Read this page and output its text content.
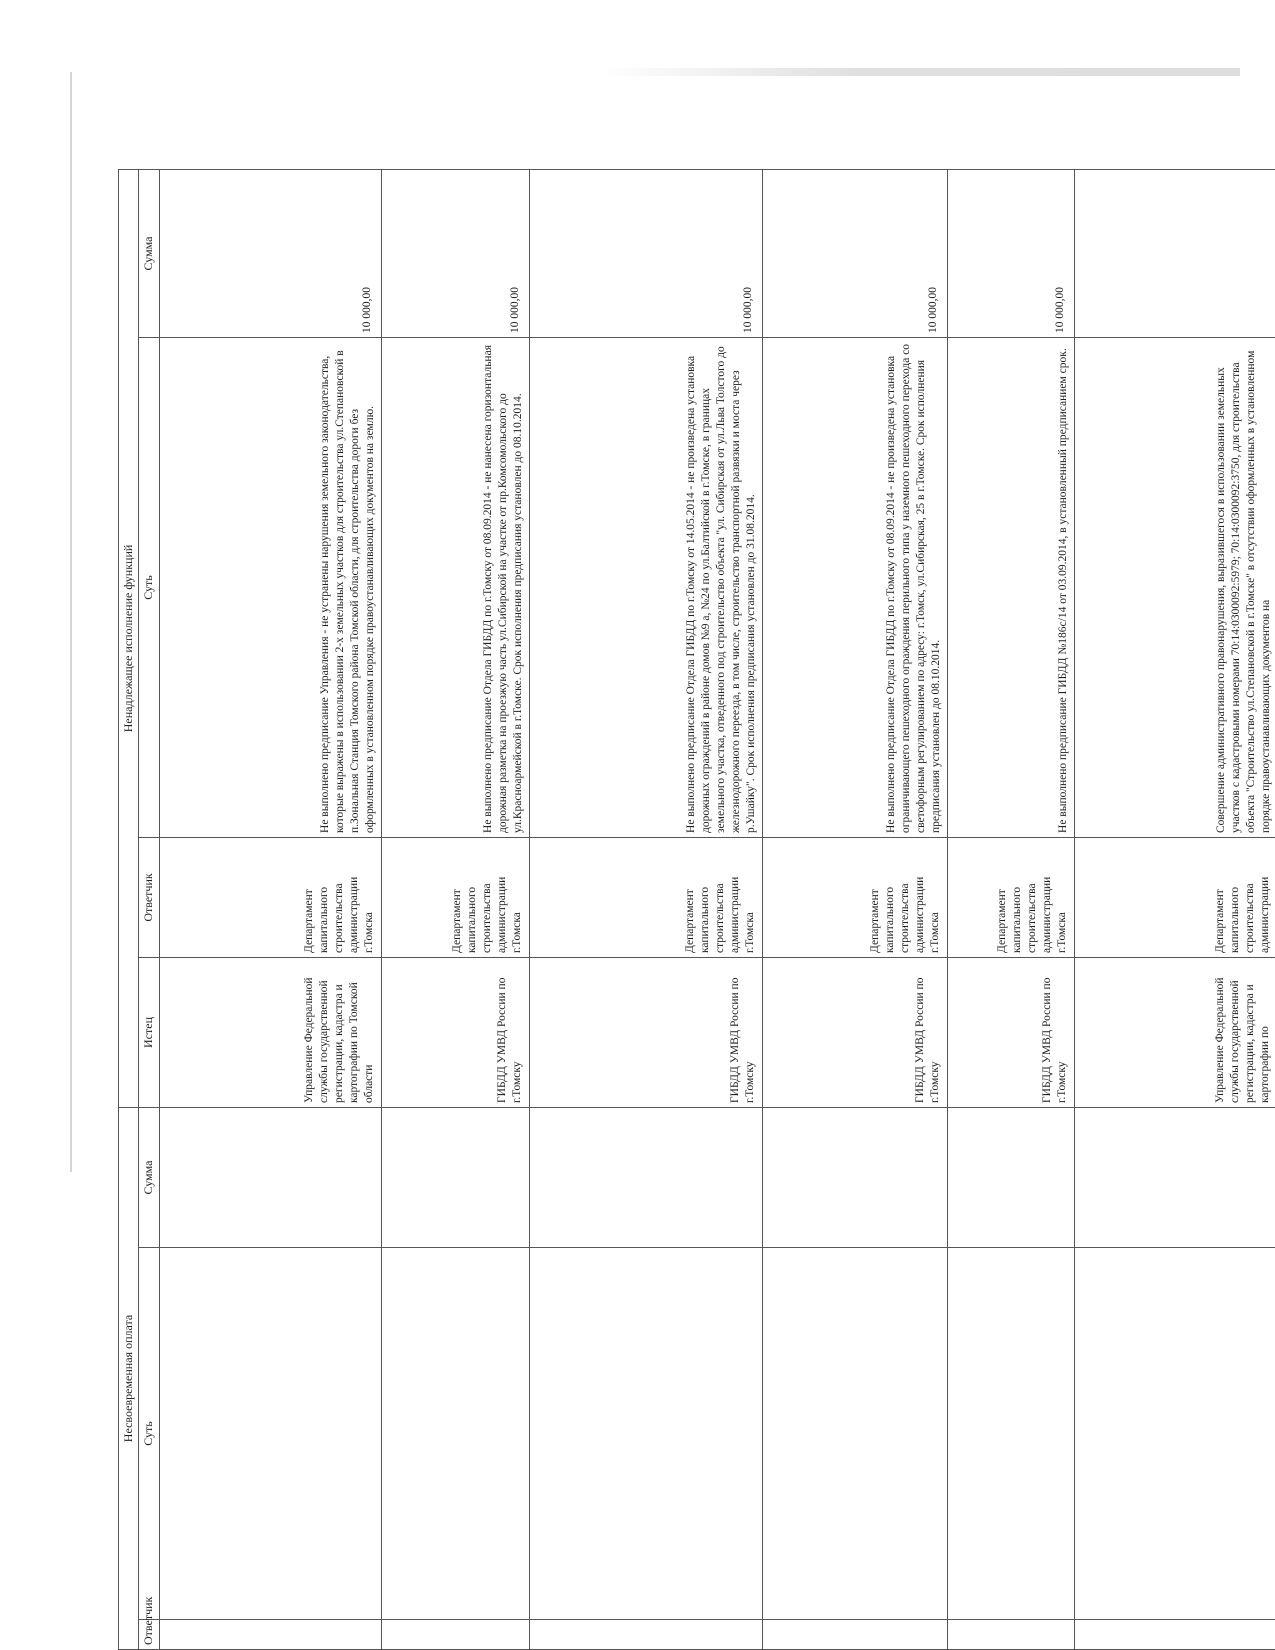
Несвоевременная оплата			Ненадлежащее исполнение функций			
Ответчик	Суть	Сумма	Истец	Ответчик	Суть	Сумма
			Управление Федеральной службы государственной регистрации, кадастра и картографии по Томской области	Департамент капитального строительства администрации г.Томска	Не выполнено предписание Управления - не устранены нарушения земельного законодательства, которые выражены в использовании 2-х земельных участков для строительства ул.Степановской в п.Зональная Станция Томского района Томской области, для строительства дороги без оформленных в установленном порядке правоустанавливающих документов на землю.	10 000,00
			ГИБДД УМВД России по г.Томску	Департамент капитального строительства администрации г.Томска	Не выполнено предписание Отдела ГИБДД по г.Томску от 08.09.2014 - не нанесена горизонтальная дорожная разметка на проезжую часть ул.Сибирской на участке от пр.Комсомольского до ул.Красноармейской в г.Томске. Срок исполнения предписания установлен до 08.10.2014.	10 000,00
			ГИБДД УМВД России по г.Томску	Департамент капитального строительства администрации г.Томска	Не выполнено предписание Отдела ГИБДД по г.Томску от 14.05.2014 - не произведена установка дорожных ограждений в районе домов №9 а, №24 по ул.Балтийской в г.Томске, в границах земельного участка, отведенного под строительство объекта "ул. Сибирская от ул.Льва Толстого до железнодорожного переезда, в том числе, строительство транспортной развязки и моста через р.Ушайку". Срок исполнения предписания установлен до 31.08.2014.	10 000,00
			ГИБДД УМВД России по г.Томску	Департамент капитального строительства администрации г.Томска	Не выполнено предписание Отдела ГИБДД по г.Томску от 08.09.2014 - не произведена установка ограничивающего пешеходного ограждения перильного типа у наземного пешеходного перехода со светофорным регулированием по адресу: г.Томск, ул.Сибирская, 25 в г.Томске. Срок исполнения предписания установлен до 08.10.2014.	10 000,00
			ГИБДД УМВД России по г.Томску	Департамент капитального строительства администрации г.Томска	Не выполнено предписание ГИБДД №186с/14 от 03.09.2014, в установленный предписанием срок.	10 000,00
			Управление Федеральной службы государственной регистрации, кадастра и картографии по	Департамент капитального строительства администрации	Совершение административного правонарушения, выразившегося в использовании земельных участков с кадастровыми номерами 70:14:0300092:5979; 70:14:0300092:3750, для строительства объекта "Строительство ул.Степановской в г.Томске" в отсутствии оформленных в установленном порядке правоустанавливающих документов на	
